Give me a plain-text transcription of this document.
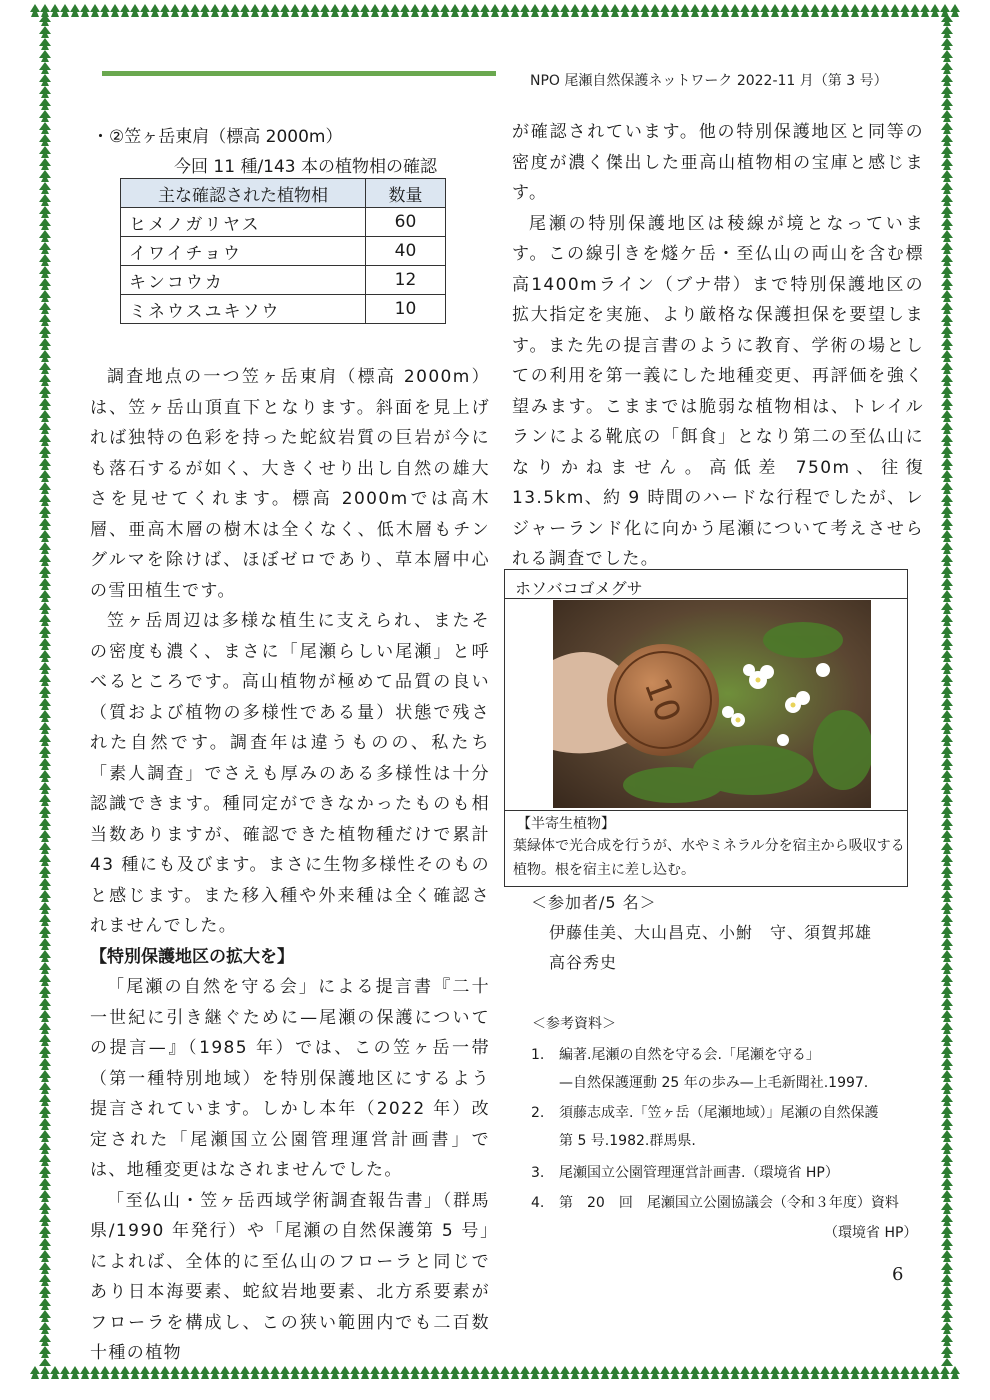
NPO 尾瀬自然保護ネットワーク 2022-11 月（第 3 号）
・②笠ヶ岳東肩（標高 2000m）
今回 11 種/143 本の植物相の確認
主な確認された植物相	数量
ヒメノガリヤス	60
イワイチョウ	40
キンコウカ	12
ミネウスユキソウ	10

調査地点の一つ笠ヶ岳東肩（標高 2000m）は、笠ヶ岳山頂直下となります。斜面を見上げれば独特の色彩を持った蛇紋岩質の巨岩が今にも落石するが如く、大きくせり出し自然の雄大さを見せてくれます。標高 2000mでは高木層、亜高木層の樹木は全くなく、低木層もチングルマを除けば、ほぼゼロであり、草本層中心の雪田植生です。

笠ヶ岳周辺は多様な植生に支えられ、またその密度も濃く、まさに「尾瀬らしい尾瀬」と呼べるところです。高山植物が極めて品質の良い（質および植物の多様性である量）状態で残された自然です。調査年は違うものの、私たち「素人調査」でさえも厚みのある多様性は十分認識できます。種同定ができなかったものも相当数ありますが、確認できた植物種だけで累計 43 種にも及びます。まさに生物多様性そのものと感じます。また移入種や外来種は全く確認されませんでした。

【特別保護地区の拡大を】

「尾瀬の自然を守る会」による提言書『二十一世紀に引き継ぐために—尾瀬の保護についての提言—』（1985 年）では、この笠ヶ岳一帯（第一種特別地域）を特別保護地区にするよう提言されています。しかし本年（2022 年）改定された「尾瀬国立公園管理運営計画書」では、地種変更はなされませんでした。

「至仏山・笠ヶ岳西域学術調査報告書」（群馬県/1990 年発行）や「尾瀬の自然保護第 5 号」によれば、全体的に至仏山のフローラと同じであり日本海要素、蛇紋岩地要素、北方系要素がフローラを構成し、この狭い範囲内でも二百数十種の植物

が確認されています。他の特別保護地区と同等の密度が濃く傑出した亜高山植物相の宝庫と感じます。

尾瀬の特別保護地区は稜線が境となっています。この線引きを燧ケ岳・至仏山の両山を含む標高1400mライン（ブナ帯）まで特別保護地区の拡大指定を実施、より厳格な保護担保を要望します。また先の提言書のように教育、学術の場としての利用を第一義にした地種変更、再評価を強く望みます。こままでは脆弱な植物相は、トレイルランによる靴底の「餌食」となり第二の至仏山になりかねません。高低差 750m、往復 13.5km、約 9 時間のハードな行程でしたが、レジャーランド化に向かう尾瀬について考えさせられる調査でした。

ホソバコゴメグサ
10
【半寄生植物】
葉緑体で光合成を行うが、水やミネラル分を宿主から吸収する植物。根を宿主に差し込む。
＜参加者/5 名＞
伊藤佳美、大山昌克、小鮒　守、須賀邦雄
高谷秀史
＜参考資料＞
1. 編著.尾瀬の自然を守る会.「尾瀬を守る」
—自然保護運動 25 年の歩み—上毛新聞社.1997.
2. 須藤志成幸.「笠ヶ岳（尾瀬地域）」尾瀬の自然保護
第 5 号.1982.群馬県.
3. 尾瀬国立公園管理運営計画書.（環境省 HP）
4. 第　20　回　尾瀬国立公園協議会（令和３年度）資料
（環境省 HP）
6
